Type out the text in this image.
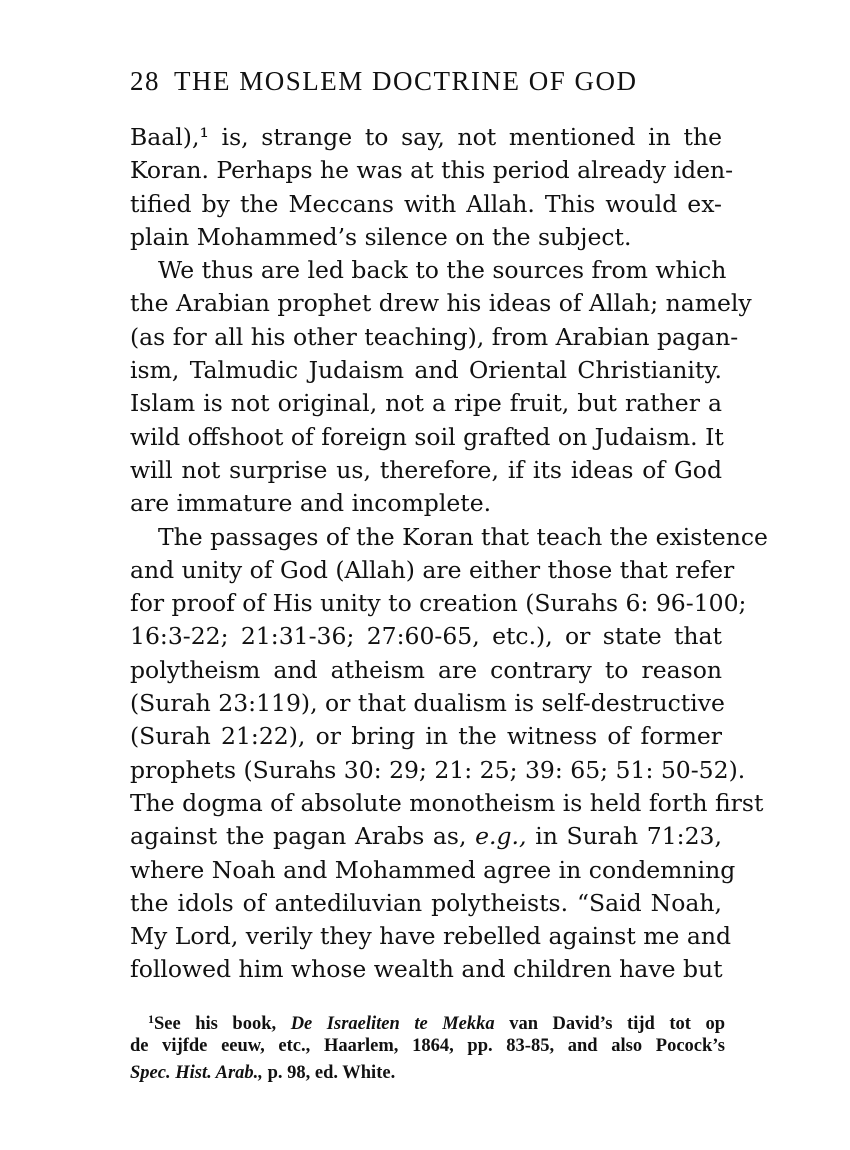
28 THE MOSLEM DOCTRINE OF GOD
Baal),¹ is, strange to say, not mentioned in the
Koran. Perhaps he was at this period already iden-
tified by the Meccans with Allah. This would ex-
plain Mohammed’s silence on the subject.
We thus are led back to the sources from which
the Arabian prophet drew his ideas of Allah; namely
(as for all his other teaching), from Arabian pagan-
ism, Talmudic Judaism and Oriental Christianity.
Islam is not original, not a ripe fruit, but rather a
wild offshoot of foreign soil grafted on Judaism. It
will not surprise us, therefore, if its ideas of God
are immature and incomplete.
The passages of the Koran that teach the existence
and unity of God (Allah) are either those that refer
for proof of His unity to creation (Surahs 6: 96-100;
16:3-22; 21:31-36; 27:60-65, etc.), or state that
polytheism and atheism are contrary to reason
(Surah 23:119), or that dualism is self-destructive
(Surah 21:22), or bring in the witness of former
prophets (Surahs 30: 29; 21: 25; 39: 65; 51: 50-52).
The dogma of absolute monotheism is held forth first
against the pagan Arabs as, e.g., in Surah 71:23,
where Noah and Mohammed agree in condemning
the idols of antediluvian polytheists. “Said Noah,
My Lord, verily they have rebelled against me and
followed him whose wealth and children have but
$^1$See his book, De Israeliten te Mekka van David’s tijd tot op
de vijfde eeuw, etc., Haarlem, 1864, pp. 83-85, and also Pocock’s
Spec. Hist. Arab., p. 98, ed. White.
